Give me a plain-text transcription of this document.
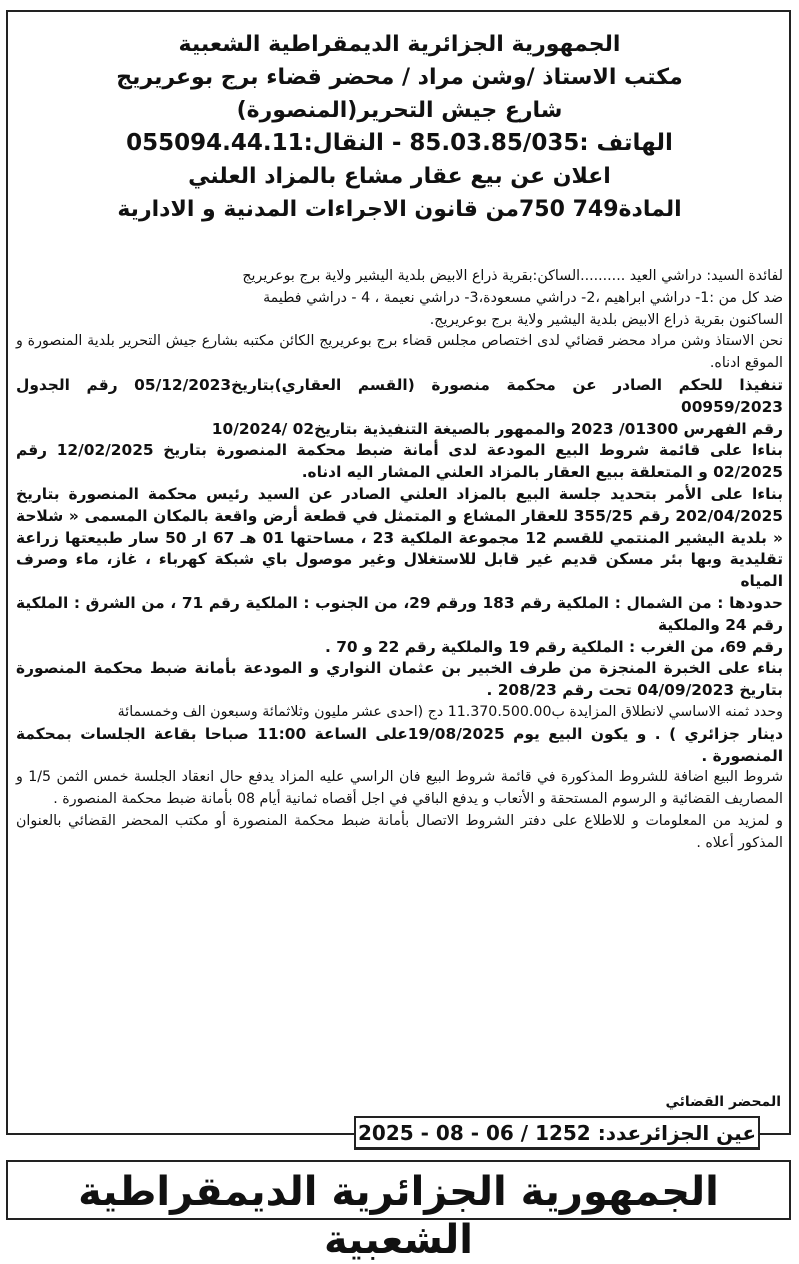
الجمهورية الجزائرية الديمقراطية الشعبية

مكتب الاستاذ /وشن مراد / محضر قضاء برج بوعريريج

شارع جيش التحرير(المنصورة)

الهاتف :85.03.85/035 - النقال:055094.44.11

اعلان عن بيع عقار مشاع بالمزاد العلني

المادة749 750من قانون الاجراءات المدنية و الادارية

لفائدة السيد: دراشي العيد ..........الساكن:بقرية ذراع الابيض بلدية اليشير ولاية برج بوعريريج

ضد كل من :1- دراشي ابراهيم ،2- دراشي مسعودة،3- دراشي نعيمة ، 4 - دراشي فطيمة

الساكنون بقرية ذراع الابيض بلدية اليشير ولاية برج بوعريريج.

نحن الاستاذ وشن مراد محضر قضائي لدى اختصاص مجلس قضاء برج بوعريريج الكائن مكتبه بشارع جيش التحرير بلدية المنصورة و الموقع ادناه.

تنفيذا للحكم الصادر عن محكمة منصورة (القسم العقاري)بتاريخ05/12/2023 رقم الجدول 00959/2023

رقم الفهرس 01300/ 2023 والممهور بالصيغة التنفيذية بتاريخ02 /10/2024

بناءا على قائمة شروط البيع المودعة لدى أمانة ضبط محكمة المنصورة بتاريخ 12/02/2025 رقم 02/2025 و المتعلقة ببيع العقار بالمزاد العلني المشار اليه ادناه.

بناءا على الأمر بتحديد جلسة البيع بالمزاد العلني الصادر عن السيد رئيس محكمة المنصورة بتاريخ 202/04/2025 رقم 355/25 للعقار المشاع و المتمثل في قطعة أرض واقعة بالمكان المسمى « شلاحة « بلدية اليشير المنتمي للقسم 12 مجموعة الملكية 23 ، مساحتها 01 هـ 67 ار 50 سار طبيعتها زراعة تقليدية وبها بئر مسكن قديم غير قابل للاستغلال وغير موصول باي شبكة كهرباء ، غاز، ماء وصرف المياه

حدودها : من الشمال : الملكية رقم 183 ورقم 29، من الجنوب : الملكية رقم 71 ، من الشرق : الملكية رقم 24 والملكية

رقم 69، من الغرب : الملكية رقم 19 والملكية رقم 22 و 70 .

بناء على الخبرة المنجزة من طرف الخبير بن عثمان النواري و المودعة بأمانة ضبط محكمة المنصورة بتاريخ 04/09/2023 تحت رقم 208/23 .

وحدد ثمنه الاساسي لانطلاق المزايدة ب11.370.500.00 دج (احدى عشر مليون وثلاثمائة وسبعون الف وخمسمائة

دينار جزائري ) . و يكون البيع يوم 19/08/2025على الساعة 11:00 صباحا بقاعة الجلسات بمحكمة المنصورة .

شروط البيع اضافة للشروط المذكورة في قائمة شروط البيع فان الراسي عليه المزاد يدفع حال انعقاد الجلسة خمس الثمن 1/5 و المصاريف القضائية و الرسوم المستحقة و الأتعاب و يدفع الباقي في اجل أقصاه ثمانية أيام 08 بأمانة ضبط محكمة المنصورة .

و لمزيد من المعلومات و للاطلاع على دفتر الشروط الاتصال بأمانة ضبط محكمة المنصورة أو مكتب المحضر القضائي بالعنوان المذكور أعلاه .

المحضر القضائي
عين الجزائرعدد: 1252 / 06 - 08 - 2025
الجمهورية الجزائرية الديمقراطية الشعبية
